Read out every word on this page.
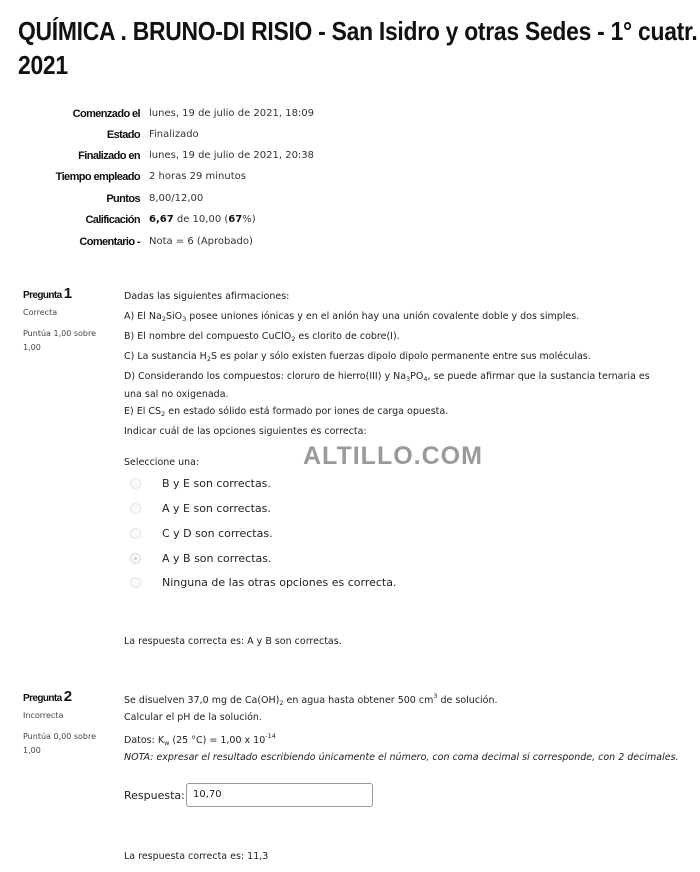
QUÍMICA . BRUNO-DI RISIO - San Isidro y otras Sedes - 1° cuatr.
2021
Comenzado el lunes, 19 de julio de 2021, 18:09
Estado Finalizado
Finalizado en lunes, 19 de julio de 2021, 20:38
Tiempo empleado 2 horas 29 minutos
Puntos 8,00/12,00
Calificación 6,67 de 10,00 (67%)
Comentario - Nota = 6 (Aprobado)
Pregunta 1
Correcta
Puntúa 1,00 sobre
1,00
Dadas las siguientes afirmaciones:
A) El $Na_2SiO_3$ posee uniones iónicas y en el anión hay una unión covalente doble y dos simples.
B) El nombre del compuesto CuClO$_2$ es clorito de cobre(I).
C) La sustancia $H_2S$ es polar y sólo existen fuerzas dipolo dipolo permanente entre sus moléculas.
D) Considerando los compuestos: cloruro de hierro(III) y $Na_3PO_4$, se puede afirmar que la sustancia ternaria es una sal no oxigenada.
E) El $CS_2$ en estado sólido está formado por iones de carga opuesta.
Indicar cuál de las opciones siguientes es correcta:
Seleccione una:
B y E son correctas.
A y E son correctas.
C y D son correctas.
A y B son correctas.
Ninguna de las otras opciones es correcta.
La respuesta correcta es: A y B son correctas.
ALTILLO.COM
Pregunta 2
Incorrecta
Puntúa 0,00 sobre
1,00
Se disuelven 37,0 mg de $Ca(OH)_2$ en agua hasta obtener 500 $cm^3$ de solución.
Calcular el pH de la solución.
Datos: $K_w$ (25 °C) = 1,00 x $10^{-14}$
NOTA: expresar el resultado escribiendo únicamente el número, con coma decimal si corresponde, con 2 decimales.
La respuesta correcta es: 11,3
Respuesta: 10,70
